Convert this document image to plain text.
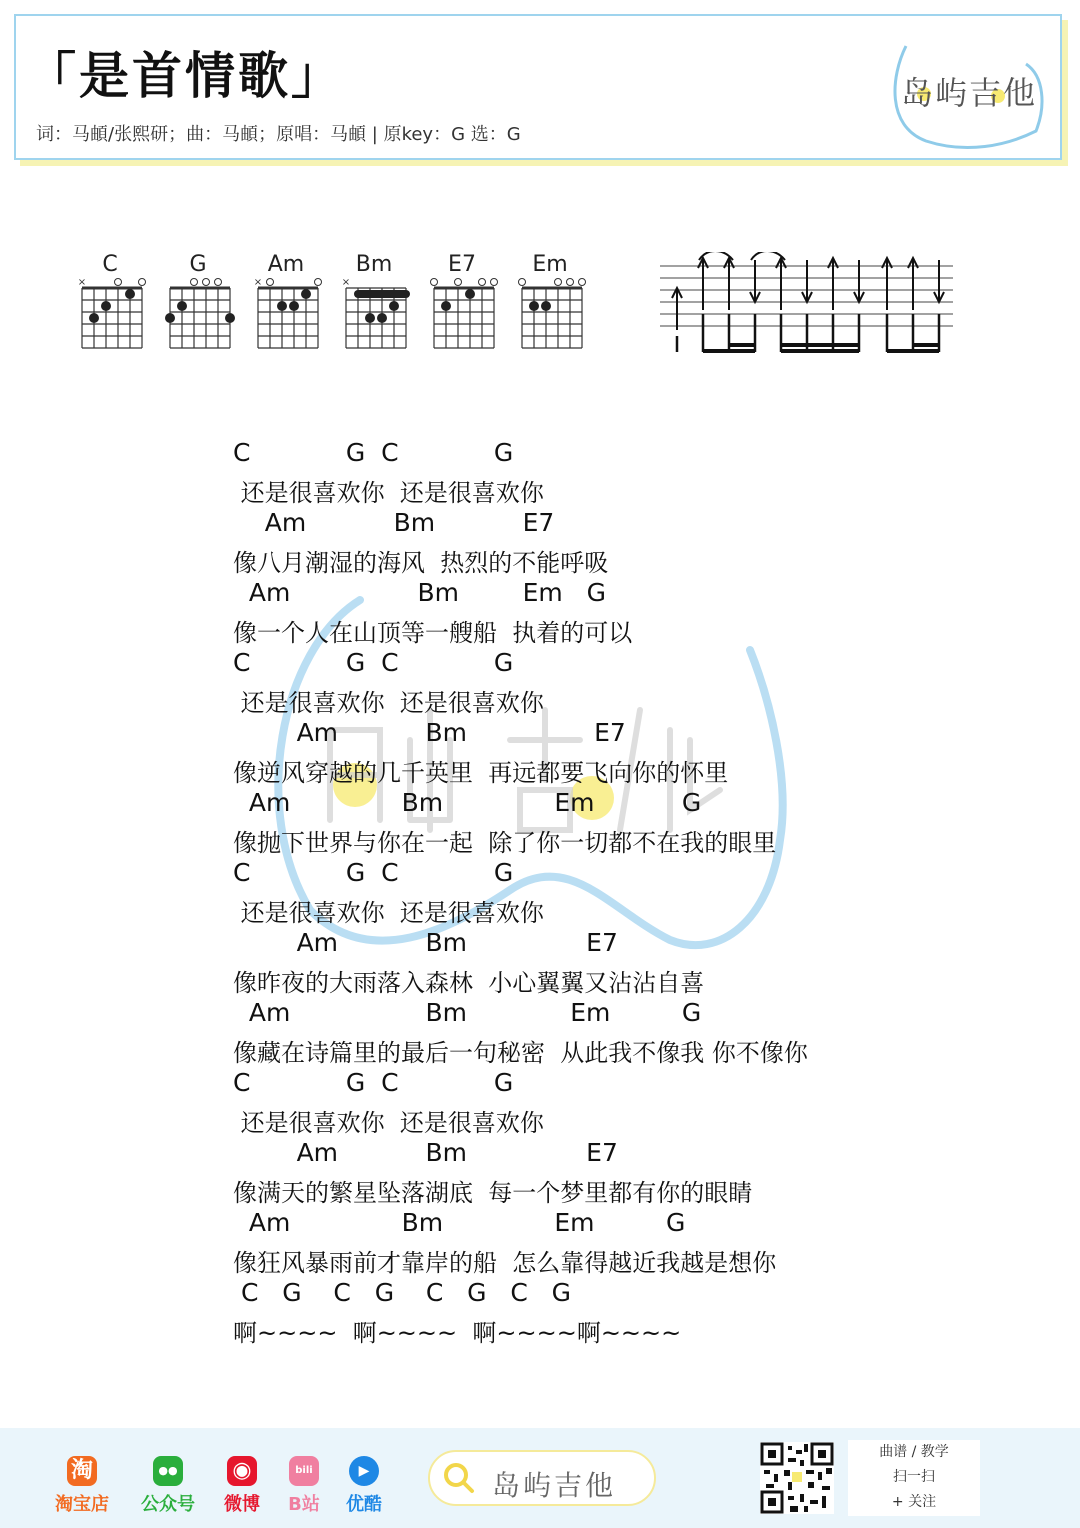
「是首情歌」
词：马頔/张熙研；曲：马頔；原唱：马頔 | 原key：G 选：G
岛屿吉他
C
×
G	Am
×
Bm
×
E7	Em
C            G  C            G
还是很喜欢你  还是很喜欢你
Am           Bm           E7
像八月潮湿的海风  热烈的不能呼吸
Am                Bm        Em   G
像一个人在山顶等一艘船  执着的可以
C            G  C            G
还是很喜欢你  还是很喜欢你
Am           Bm                E7
像逆风穿越的几千英里  再远都要飞向你的怀里
Am              Bm              Em           G
像抛下世界与你在一起  除了你一切都不在我的眼里
C            G  C            G
还是很喜欢你  还是很喜欢你
Am           Bm               E7
像昨夜的大雨落入森林  小心翼翼又沾沾自喜
Am                 Bm             Em         G
像藏在诗篇里的最后一句秘密  从此我不像我 你不像你
C            G  C            G
还是很喜欢你  还是很喜欢你
Am           Bm               E7
像满天的繁星坠落湖底  每一个梦里都有你的眼睛
Am              Bm              Em         G
像狂风暴雨前才靠岸的船  怎么靠得越近我越是想你
C   G    C   G    C   G   C   G
啊~~~~  啊~~~~  啊~~~~啊~~~~
淘
淘宝店
●●
公众号
◉
微博
bili
B站
▶
优酷
岛屿吉他
曲谱 / 教学
扫一扫
+ 关注
